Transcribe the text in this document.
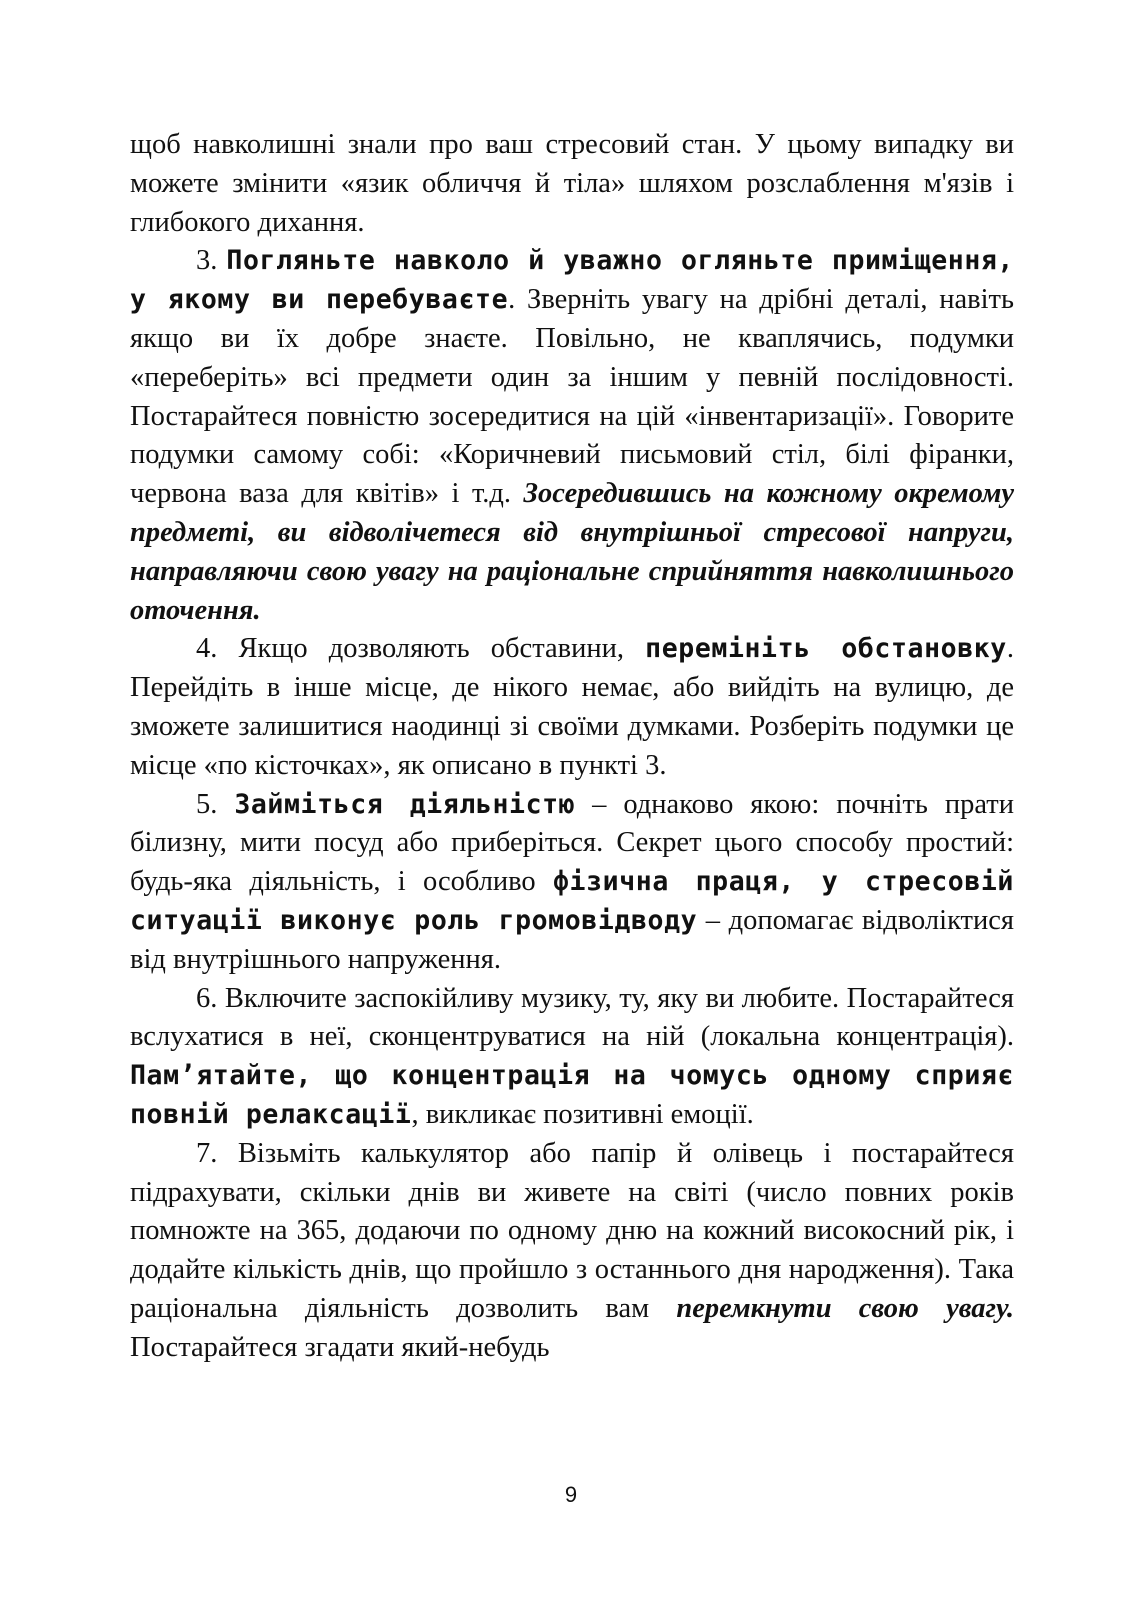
щоб навколишні знали про ваш стресовий стан. У цьому випадку ви можете змінити «язик обличчя й тіла» шляхом розслаблення м'язів і глибокого дихання.

3. Погляньте навколо й уважно огляньте приміщення, у якому ви перебуваєте. Зверніть увагу на дрібні деталі, навіть якщо ви їх добре знаєте. Повільно, не кваплячись, подумки «переберіть» всі предмети один за іншим у певній послідовності. Постарайтеся повністю зосередитися на цій «інвентаризації». Говорите подумки самому собі: «Коричневий письмовий стіл, білі фіранки, червона ваза для квітів» і т.д. Зосередившись на кожному окремому предметі, ви відволічетеся від внутрішньої стресової напруги, направляючи свою увагу на раціональне сприйняття навколишнього оточення.

4. Якщо дозволяють обставини, перемініть обстановку. Перейдіть в інше місце, де нікого немає, або вийдіть на вулицю, де зможете залишитися наодинці зі своїми думками. Розберіть подумки це місце «по кісточках», як описано в пункті 3.

5. Займіться діяльністю – однаково якою: почніть прати білизну, мити посуд або приберіться. Секрет цього способу простий: будь-яка діяльність, і особливо фізична праця, у стресовій ситуації виконує роль громовідводу – допомагає відволіктися від внутрішнього напруження.

6. Включите заспокійливу музику, ту, яку ви любите. Постарайтеся вслухатися в неї, сконцентруватися на ній (локальна концентрація). Пам’ятайте, що концентрація на чомусь одному сприяє повній релаксації, викликає позитивні емоції.

7. Візьміть калькулятор або папір й олівець і постарайтеся підрахувати, скільки днів ви живете на світі (число повних років помножте на 365, додаючи по одному дню на кожний високосний рік, і додайте кількість днів, що пройшло з останнього дня народження). Така раціональна діяльність дозволить вам перемкнути свою увагу. Постарайтеся згадати який-небудь

9
